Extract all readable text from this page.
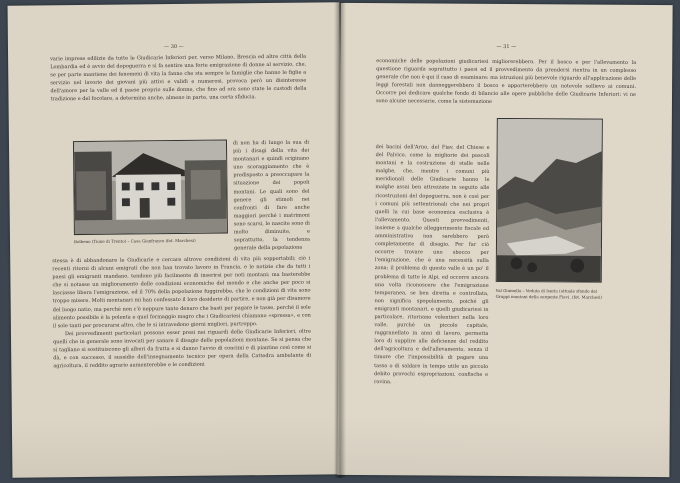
— 30 —

varie imprese edilizie da tutte le Giudicarie Inferiori per, verso Milano, Brescia ed altre città della Lombardia ed è avvio del dopoguerra e si fa sentire una forte emigrazione di donne al servizio, che, se per parte mantiene dei fenomeni di vita la fanno che sta sempre le famiglie che hanno le figlie a servizio nel lavorio dei giovani più attivi e validi e numerosi, provoca però un disinteresse dell'amore per la valle ed il paese proprio sulle donne, che fino ad ora sono state le custodi della tradizione e del focolare, a determina anche, almeno in parte, una certa sfiducia.

Bolbeno (Tione di Trento) – Casa Gianfranco (fot. Marchesi)

di non ha di lungo la sua di più i disagi della vita dei montanari e quindi originano uno scoraggiamento che è predisposto a preoccupare la situazione dei popoli montani. Le quali sono del genere gli stimoli nei confronti di fare anche maggiori perché i matrimoni sono scarsi, le nascite sono di molto diminuite, e soprattutto, la tendenza generale della popolazione

stessa è di abbandonare le Giudicarie e cercare altrove condizioni di vita più sopportabili; ciò i recenti ritorni di alcuni emigrati che non han trovato lavoro in Francia, e le notizie che da tutti i paesi gli emigranti mandano, tendono più facilmente di inserirsi per noti montani; ma basterebbe che si notasse un miglioramento delle condizioni economiche del mondo e che anche per poco si lasciasse libera l'emigrazione, ed il 70% della popolazione fuggirebbe, che le condizioni di vita sono troppo misere. Molti montanari mi han confessato il loro desiderio di partire, e non già per disamore del luogo natio, ma perché non c'è neppure tanto denaro che basti per pagare le tasse, perché il sole alimento possibile è la polenta e quel formaggio magro che i Giudicariesi chiamano «spressa», e con il sole tanti per procurarsi altro, che le si intravedono giorni migliori, purtroppo.

Dei provvedimenti particolari possono esser presi nei riguardi delle Giudicarie Inferiori, oltre quelli che in generale sono invocati per sanare il disagio delle popolazioni montane. Se si pensa che si tagliano si sostituiscono gli alberi da frutta e si danno l'avvio di concimi e di piantine così come si dà, e con successo, il sussidio dell'insegnamento tecnico per opera della Cattedra ambulante di agricoltura, il reddito agrario aumenterebbe e le condizioni

— 31 —

economiche delle popolazioni giudicariesi migliorerebbero. Per il bosco e per l'allevamento la questione riguarda soprattutto i paesi ed il provvedimento da prendersi rientra in un complesso generale che non è qui il caso di esaminare: ma istruzioni più benevole riguardo all'applicazione delle leggi forestali non danneggerebbero il bosco e apporterebbero un notevole sollievo ai comuni. Occorre poi dedicare qualche fondo di bilancio alle opere pubbliche delle Giudicarie Inferiori: vi ne sono alcune necessarie, come la sistemazione

dei bacini dell'Arno, del Fiav, del Chiese e del Palvico, come la migliorie dei pascoli montani e la costruzione di stalle nelle malghe, che, mentre i comuni più meridionali delle Giudicarie hanno le malghe assai ben attrezzate in seguito alle ricostruzioni del dopoguerra, non è così per i comuni più settentrionali che nei propri quelli la cui base economica esclusiva è l'allevamento. Questi provvedimenti, insieme a qualche alleggerimento fiscale ed amministrativo non sarebbero però completamente di disagio. Per far ciò occorre trovare uno sbocco per l'emigrazione, che è una necessità sulla zona; il problema di questo valle è un po' il problema di tutte le Alpi, ed occorre ancora una volta riconoscere che l'emigrazione temporanea, se ben diretta e controllata, non significa spopolamento, poiché gli emigranti montanari, e quelli giudicariesi in particolare, ritornano volentieri nella loro valle, purché un piccolo capitale, raggranellato in anni di lavoro, permetta loro di supplire alle deficienze del reddito dell'agricoltura e dell'allevamento, senza il timore che l'impossibilità di pagare una tassa o di saldare in tempo utile un piccolo debito provochi espropriazioni, confische e rovina.

Val Giumella – Veduta di Iseria (attuale sfondo dei Gruppi montani della sorgente Fiav). (fot. Marchesi)
